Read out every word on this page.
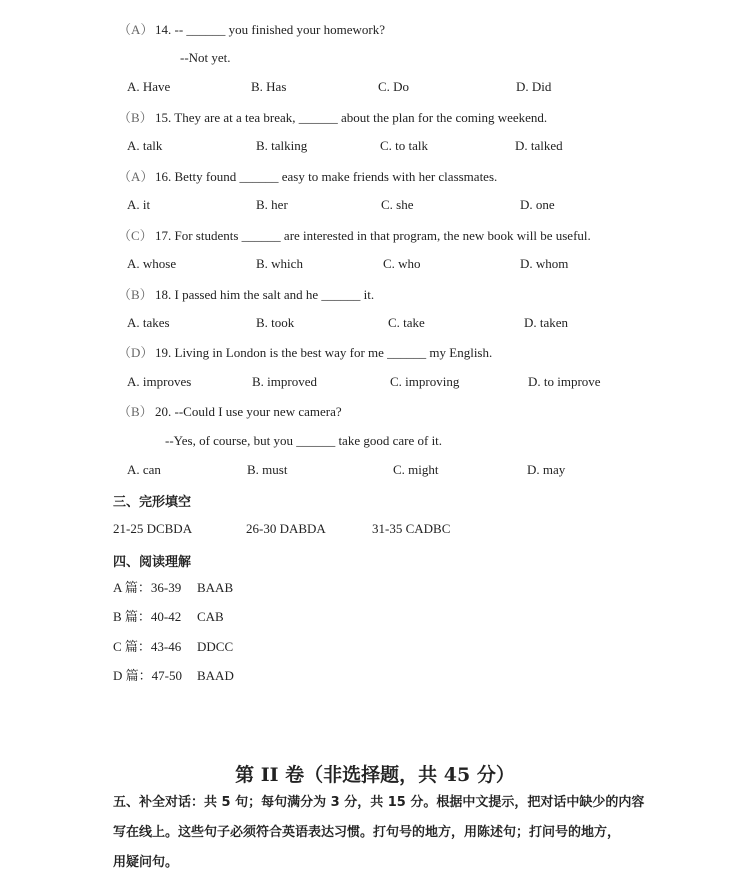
（A） 14. -- ______ you finished your homework?
--Not yet.
A. Have	B. Has	C. Do	D. Did
（B） 15. They are at a tea break, ______ about the plan for the coming weekend.
A. talk	B. talking	C. to talk	D. talked
（A） 16. Betty found ______ easy to make friends with her classmates.
A. it	B. her	C. she	D. one
（C） 17. For students ______ are interested in that program, the new book will be useful.
A. whose	B. which	C. who	D. whom
（B） 18. I passed him the salt and he ______ it.
A. takes	B. took	C. take	D. taken
（D） 19. Living in London is the best way for me ______ my English.
A. improves	B. improved	C. improving	D. to improve
（B） 20. --Could I use your new camera?
--Yes, of course, but you ______ take good care of it.
A. can	B. must	C. might	D. may
三、完形填空
21-25 DCBDA	26-30 DABDA	31-35 CADBC
四、阅读理解
A 篇：36-39 BAAB
B 篇：40-42 CAB
C 篇：43-46 DDCC
D 篇：47-50 BAAD
第 II 卷（非选择题，共 45 分）
五、补全对话：共 5 句；每句满分为 3 分，共 15 分。根据中文提示，把对话中缺少的内容
写在线上。这些句子必须符合英语表达习惯。打句号的地方，用陈述句；打问号的地方，
用疑问句。
